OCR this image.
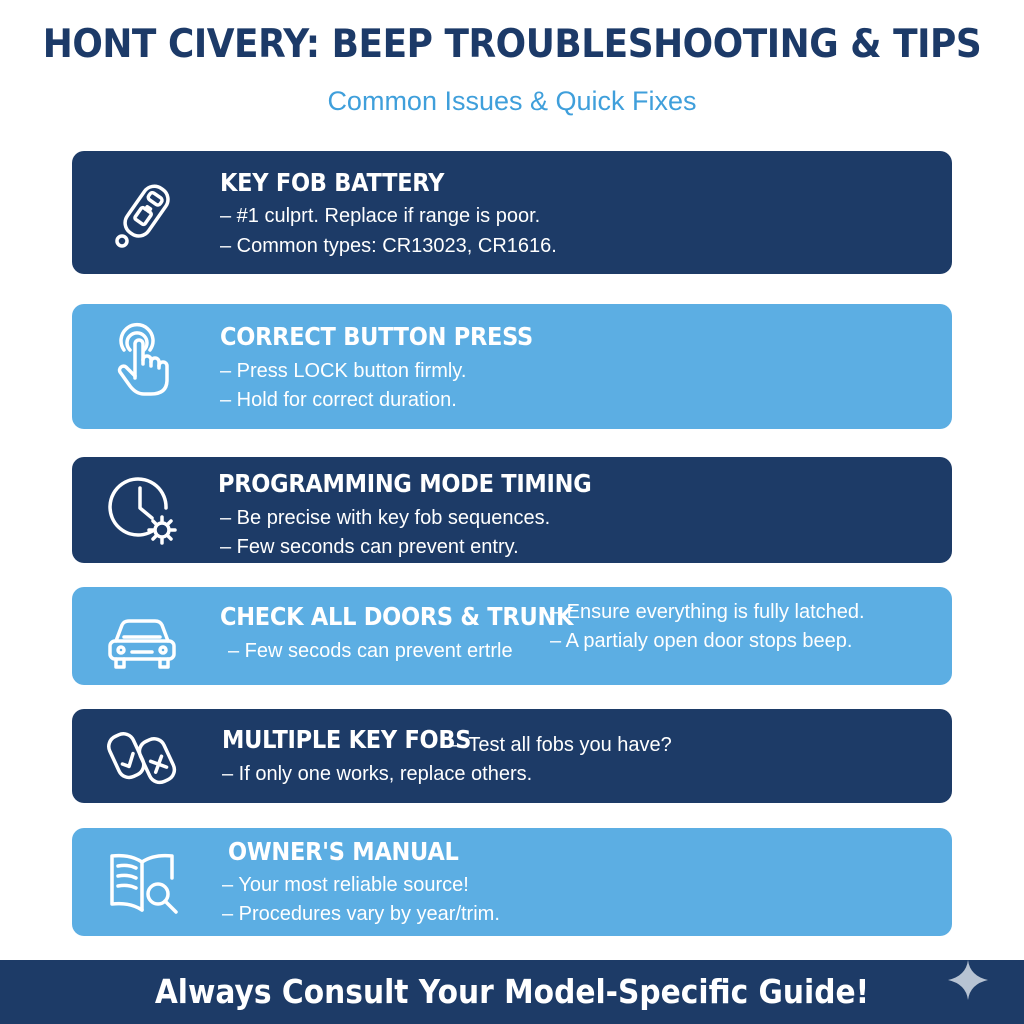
HONT CIVERY: BEEP TROUBLESHOOTING & TIPS
Common Issues & Quick Fixes
KEY FOB BATTERY
– #1 culprt. Replace if range is poor.
– Common types: CR13023, CR1616.
CORRECT BUTTON PRESS
– Press LOCK button firmly.
– Hold for correct duration.
PROGRAMMING MODE TIMING
– Be precise with key fob sequences.
– Few seconds can prevent entry.
CHECK ALL DOORS & TRUNK
– Few secods can prevent ertrle
– Ensure everything is fully latched.
– A partialy open door stops beep.
MULTIPLE KEY FOBS
– Test all fobs you have?
– If only one works, replace others.
OWNER'S MANUAL
– Your most reliable source!
– Procedures vary by year/trim.
Always Consult Your Model-Specific Guide!
